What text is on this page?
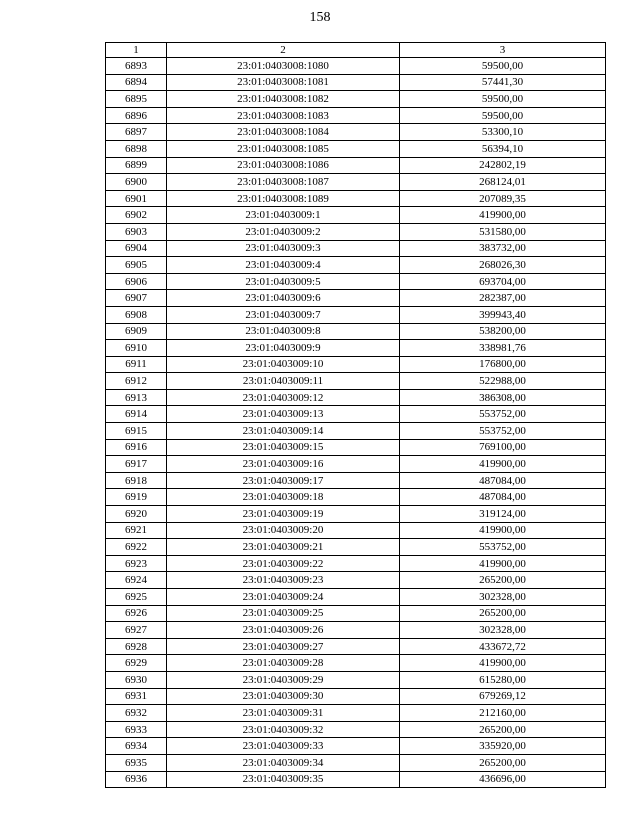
158
1	2	3
6893	23:01:0403008:1080	59500,00
6894	23:01:0403008:1081	57441,30
6895	23:01:0403008:1082	59500,00
6896	23:01:0403008:1083	59500,00
6897	23:01:0403008:1084	53300,10
6898	23:01:0403008:1085	56394,10
6899	23:01:0403008:1086	242802,19
6900	23:01:0403008:1087	268124,01
6901	23:01:0403008:1089	207089,35
6902	23:01:0403009:1	419900,00
6903	23:01:0403009:2	531580,00
6904	23:01:0403009:3	383732,00
6905	23:01:0403009:4	268026,30
6906	23:01:0403009:5	693704,00
6907	23:01:0403009:6	282387,00
6908	23:01:0403009:7	399943,40
6909	23:01:0403009:8	538200,00
6910	23:01:0403009:9	338981,76
6911	23:01:0403009:10	176800,00
6912	23:01:0403009:11	522988,00
6913	23:01:0403009:12	386308,00
6914	23:01:0403009:13	553752,00
6915	23:01:0403009:14	553752,00
6916	23:01:0403009:15	769100,00
6917	23:01:0403009:16	419900,00
6918	23:01:0403009:17	487084,00
6919	23:01:0403009:18	487084,00
6920	23:01:0403009:19	319124,00
6921	23:01:0403009:20	419900,00
6922	23:01:0403009:21	553752,00
6923	23:01:0403009:22	419900,00
6924	23:01:0403009:23	265200,00
6925	23:01:0403009:24	302328,00
6926	23:01:0403009:25	265200,00
6927	23:01:0403009:26	302328,00
6928	23:01:0403009:27	433672,72
6929	23:01:0403009:28	419900,00
6930	23:01:0403009:29	615280,00
6931	23:01:0403009:30	679269,12
6932	23:01:0403009:31	212160,00
6933	23:01:0403009:32	265200,00
6934	23:01:0403009:33	335920,00
6935	23:01:0403009:34	265200,00
6936	23:01:0403009:35	436696,00
